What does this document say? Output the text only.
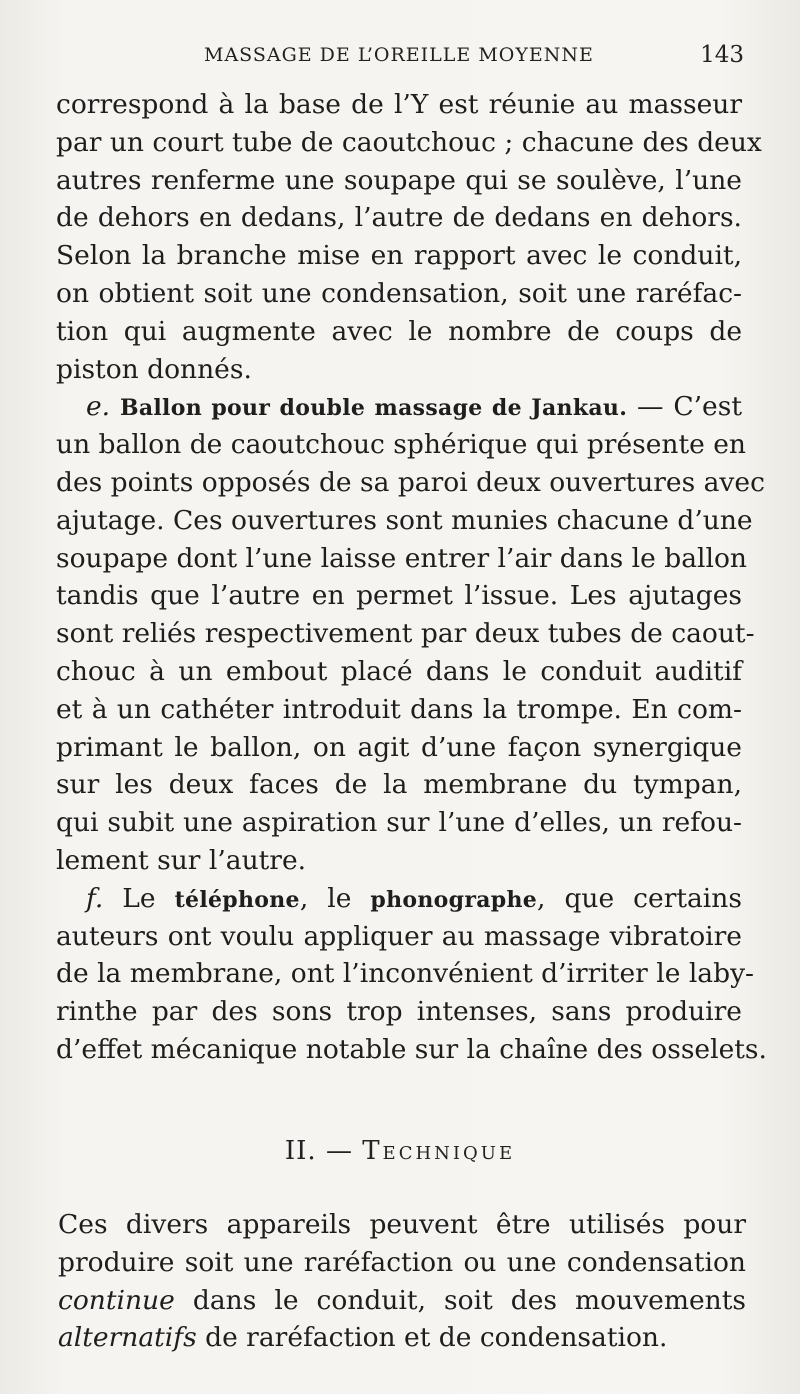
MASSAGE DE L’OREILLE MOYENNE	143
correspond à la base de l’Y est réunie au masseur
par un court tube de caoutchouc ; chacune des deux
autres renferme une soupape qui se soulève, l’une
de dehors en dedans, l’autre de dedans en dehors.
Selon la branche mise en rapport avec le conduit,
on obtient soit une condensation, soit une raréfac-
tion qui augmente avec le nombre de coups de
piston donnés.
e. Ballon pour double massage de Jankau. — C’est
un ballon de caoutchouc sphérique qui présente en
des points opposés de sa paroi deux ouvertures avec
ajutage. Ces ouvertures sont munies chacune d’une
soupape dont l’une laisse entrer l’air dans le ballon
tandis que l’autre en permet l’issue. Les ajutages
sont reliés respectivement par deux tubes de caout-
chouc à un embout placé dans le conduit auditif
et à un cathéter introduit dans la trompe. En com-
primant le ballon, on agit d’une façon synergique
sur les deux faces de la membrane du tympan,
qui subit une aspiration sur l’une d’elles, un refou-
lement sur l’autre.
f. Le téléphone, le phonographe, que certains
auteurs ont voulu appliquer au massage vibratoire
de la membrane, ont l’inconvénient d’irriter le laby-
rinthe par des sons trop intenses, sans produire
d’effet mécanique notable sur la chaîne des osselets.
II. — Technique
Ces divers appareils peuvent être utilisés pour
produire soit une raréfaction ou une condensation
continue dans le conduit, soit des mouvements
alternatifs de raréfaction et de condensation.
